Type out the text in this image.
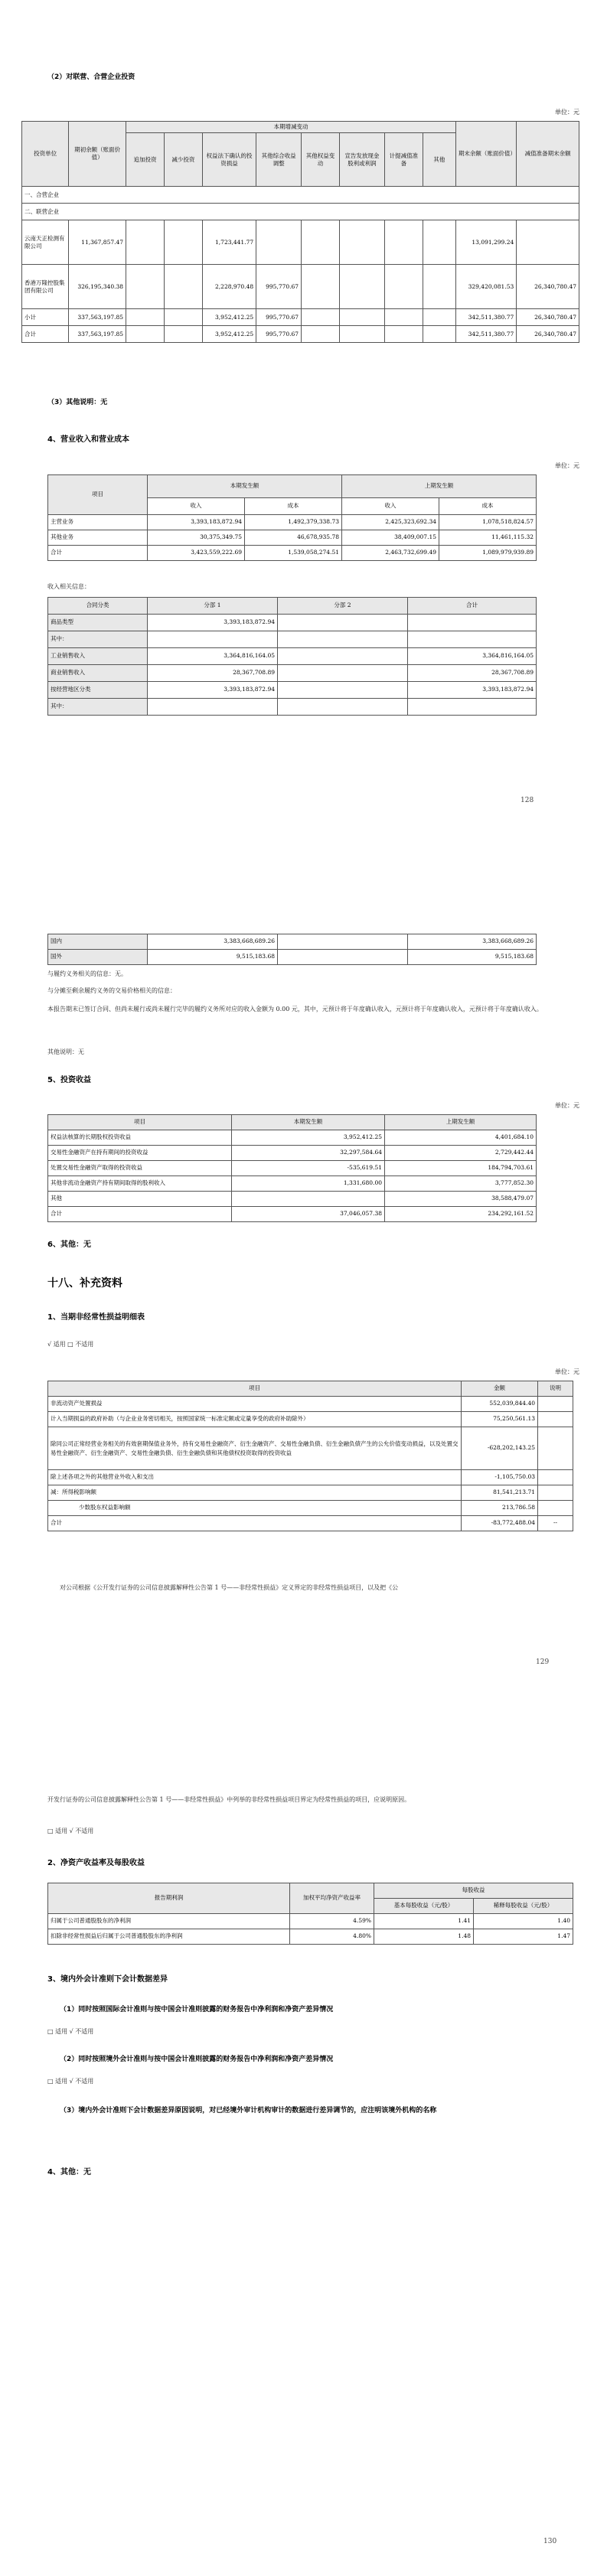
（2）对联营、合营企业投资
单位：元
投资单位	期初余额（账面价值）	本期增减变动								期末余额（账面价值）	减值准备期末余额
		追加投资	减少投资	权益法下确认的投资损益	其他综合收益调整	其他权益变动	宣告发放现金股利或利润	计提减值准备	其他		
一、合营企业											
二、联营企业											
云南天正检测有限公司	11,367,857.47			1,723,441.77						13,091,299.24	
香港万隆控股集团有限公司	326,195,340.38			2,228,970.48	995,770.67					329,420,081.53	26,340,780.47
小计	337,563,197.85			3,952,412.25	995,770.67					342,511,380.77	26,340,780.47
合计	337,563,197.85			3,952,412.25	995,770.67					342,511,380.77	26,340,780.47
（3）其他说明：无
4、营业收入和营业成本
单位：元
项目	本期发生额		上期发生额	
	收入	成本	收入	成本
主营业务	3,393,183,872.94	1,492,379,338.73	2,425,323,692.34	1,078,518,824.57
其他业务	30,375,349.75	46,678,935.78	38,409,007.15	11,461,115.32
合计	3,423,559,222.69	1,539,058,274.51	2,463,732,699.49	1,089,979,939.89
收入相关信息：
合同分类	分部 1	分部 2	合计
商品类型	3,393,183,872.94		
其中：			
工业销售收入	3,364,816,164.05		3,364,816,164.05
商业销售收入	28,367,708.89		28,367,708.89
按经营地区分类	3,393,183,872.94		3,393,183,872.94
其中：			
128
国内	3,383,668,689.26		3,383,668,689.26
国外	9,515,183.68		9,515,183.68
与履约义务相关的信息：无。
与分摊至剩余履约义务的交易价格相关的信息：
本报告期末已签订合同、但尚未履行或尚未履行完毕的履约义务所对应的收入金额为 0.00 元，其中，元预计将于年度确认收入，元预计将于年度确认收入，元预计将于年度确认收入。
其他说明：无
5、投资收益
单位：元
项目	本期发生额	上期发生额
权益法核算的长期股权投资收益	3,952,412.25	4,401,684.10
交易性金融资产在持有期间的投资收益	32,297,584.64	2,729,442.44
处置交易性金融资产取得的投资收益	-535,619.51	184,794,703.61
其他非流动金融资产持有期间取得的股利收入	1,331,680.00	3,777,852.30
其他		38,588,479.07
合计	37,046,057.38	234,292,161.52
6、其他：无
十八、补充资料
1、当期非经常性损益明细表
√ 适用 □ 不适用
单位：元
项目	金额	说明
非流动资产处置损益	552,039,844.40	
计入当期损益的政府补助（与企业业务密切相关，按照国家统一标准定额或定量享受的政府补助除外）	75,250,561.13	
除同公司正常经营业务相关的有效套期保值业务外，持有交易性金融资产、衍生金融资产、交易性金融负债、衍生金融负债产生的公允价值变动损益，以及处置交易性金融资产、衍生金融资产、交易性金融负债、衍生金融负债和其他债权投资取得的投资收益	-628,202,143.25	
除上述各项之外的其他营业外收入和支出	-1,105,750.03	
减：所得税影响额	81,541,213.71	
少数股东权益影响额	213,786.58	
合计	-83,772,488.04	--
对公司根据《公开发行证券的公司信息披露解释性公告第 1 号——非经常性损益》定义界定的非经常性损益项目，以及把《公
129
开发行证券的公司信息披露解释性公告第 1 号——非经常性损益》中列举的非经常性损益项目界定为经常性损益的项目，应说明原因。
□ 适用 √ 不适用
2、净资产收益率及每股收益
报告期利润	加权平均净资产收益率	每股收益	
		基本每股收益（元/股）	稀释每股收益（元/股）
归属于公司普通股股东的净利润	4.59%	1.41	1.40
扣除非经常性损益后归属于公司普通股股东的净利润	4.80%	1.48	1.47
3、境内外会计准则下会计数据差异
（1）同时按照国际会计准则与按中国会计准则披露的财务报告中净利润和净资产差异情况
□ 适用 √ 不适用
（2）同时按照境外会计准则与按中国会计准则披露的财务报告中净利润和净资产差异情况
□ 适用 √ 不适用
（3）境内外会计准则下会计数据差异原因说明，对已经境外审计机构审计的数据进行差异调节的，应注明该境外机构的名称
4、其他：无
130
